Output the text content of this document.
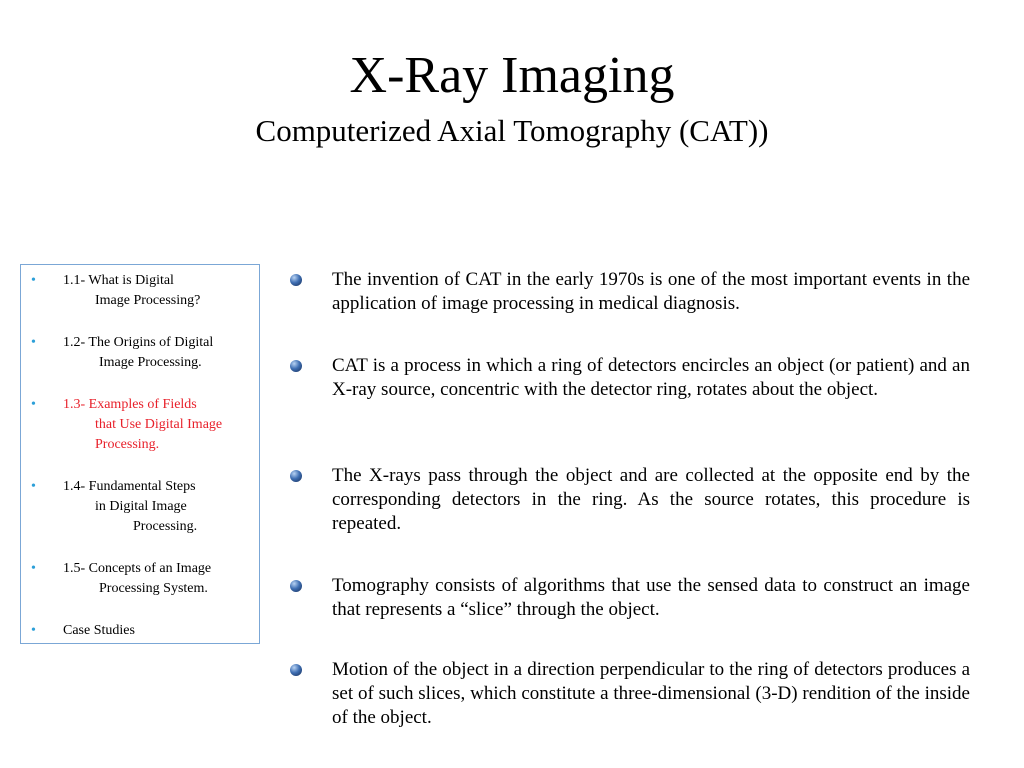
X-Ray Imaging
Computerized Axial Tomography (CAT))
• 1.1- What is Digital
Image Processing?
• 1.2- The Origins of Digital
Image Processing.
• 1.3- Examples of Fields
that Use Digital Image
Processing.
• 1.4- Fundamental Steps
in Digital Image
Processing.
• 1.5- Concepts of an Image
Processing System.
• Case Studies
The invention of CAT in the early 1970s is one of the most important events in the application of image processing in medical diagnosis.
CAT is a process in which a ring of detectors encircles an object (or patient) and an X-ray source, concentric with the detector ring, rotates about the object.
The X-rays pass through the object and are collected at the opposite end by the corresponding detectors in the ring. As the source rotates, this procedure is repeated.
Tomography consists of algorithms that use the sensed data to construct an image that represents a “slice” through the object.
Motion of the object in a direction perpendicular to the ring of detectors produces a set of such slices, which constitute a three-dimensional (3-D) rendition of the inside of the object.
